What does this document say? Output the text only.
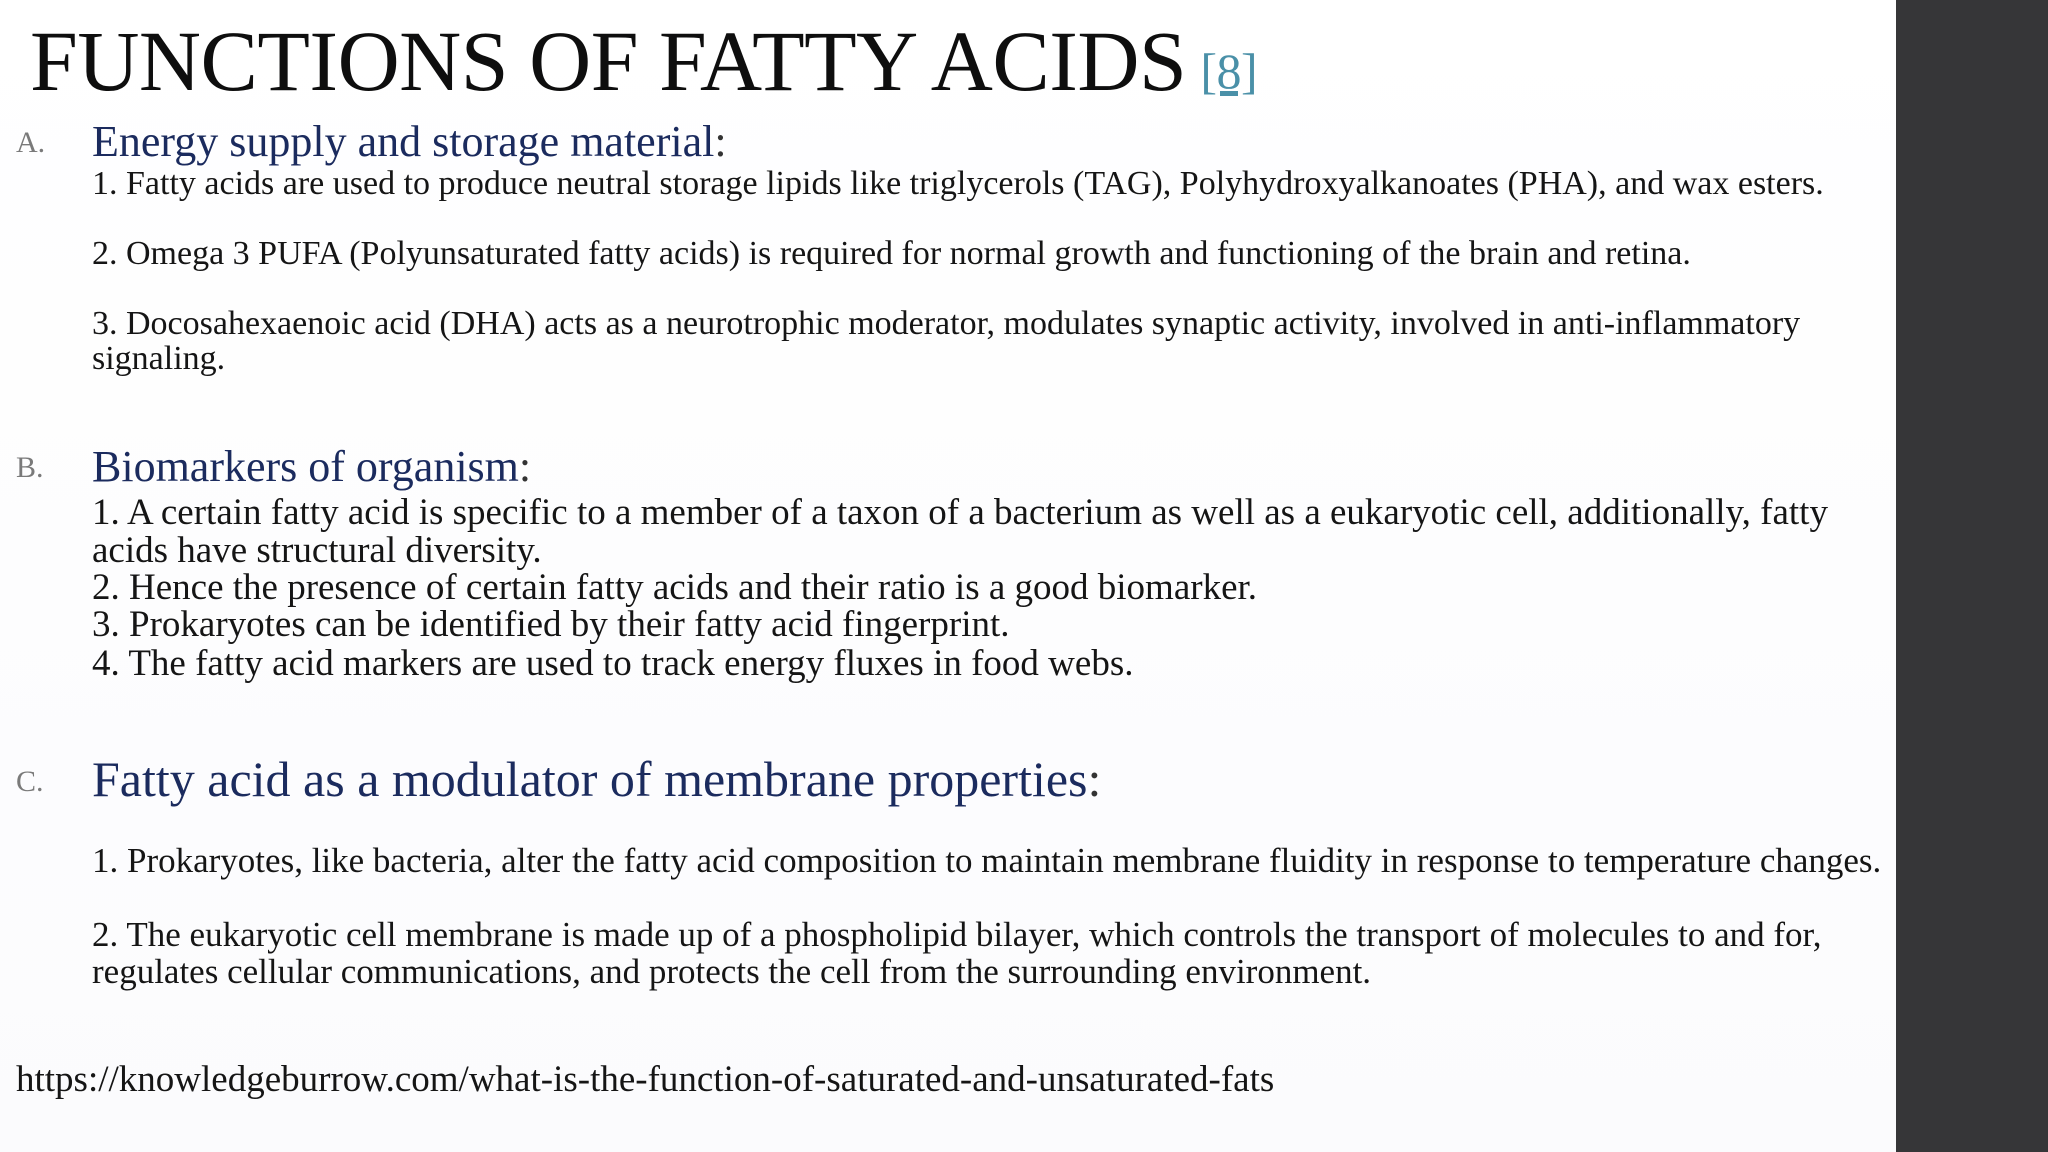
FUNCTIONS OF FATTY ACIDS [8]
A. Energy supply and storage material:

1. Fatty acids are used to produce neutral storage lipids like triglycerols (TAG), Polyhydroxyalkanoates (PHA), and wax esters.

2. Omega 3 PUFA (Polyunsaturated fatty acids) is required for normal growth and functioning of the brain and retina.

3. Docosahexaenoic acid (DHA) acts as a neurotrophic moderator, modulates synaptic activity, involved in anti-inflammatory signaling.

B. Biomarkers of organism:

1. A certain fatty acid is specific to a member of a taxon of a bacterium as well as a eukaryotic cell, additionally, fatty acids have structural diversity.

2. Hence the presence of certain fatty acids and their ratio is a good biomarker.

3. Prokaryotes can be identified by their fatty acid fingerprint.

4. The fatty acid markers are used to track energy fluxes in food webs.

C. Fatty acid as a modulator of membrane properties:

1. Prokaryotes, like bacteria, alter the fatty acid composition to maintain membrane fluidity in response to temperature changes.

2. The eukaryotic cell membrane is made up of a phospholipid bilayer, which controls the transport of molecules to and for, regulates cellular communications, and protects the cell from the surrounding environment.

https://knowledgeburrow.com/what-is-the-function-of-saturated-and-unsaturated-fats
